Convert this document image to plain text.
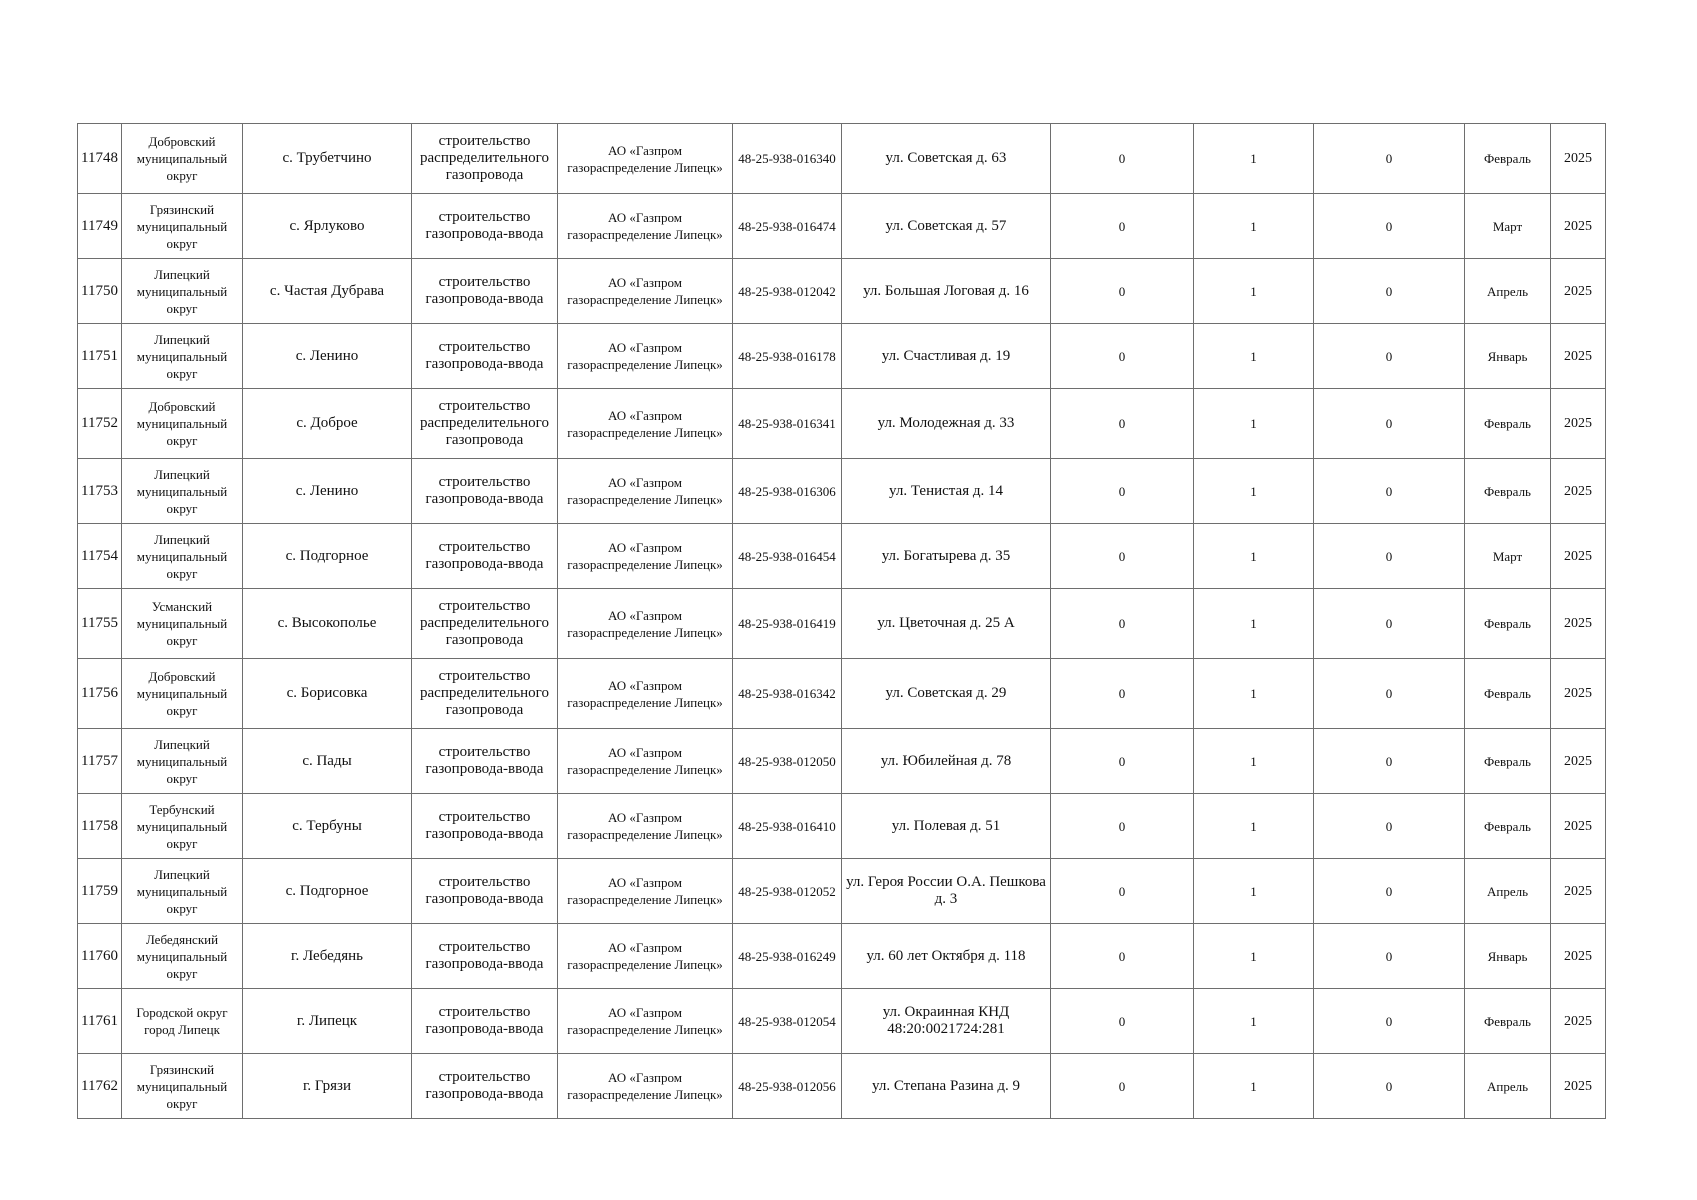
11748	Добровский муниципальный округ	с. Трубетчино	строительство распределительного газопровода	АО «Газпром газораспределение Липецк»	48-25-938-016340	ул. Советская д. 63	0	1	0	Февраль	2025
11749	Грязинский муниципальный округ	с. Ярлуково	строительство газопровода-ввода	АО «Газпром газораспределение Липецк»	48-25-938-016474	ул. Советская д. 57	0	1	0	Март	2025
11750	Липецкий муниципальный округ	с. Частая Дубрава	строительство газопровода-ввода	АО «Газпром газораспределение Липецк»	48-25-938-012042	ул. Большая Логовая д. 16	0	1	0	Апрель	2025
11751	Липецкий муниципальный округ	с. Ленино	строительство газопровода-ввода	АО «Газпром газораспределение Липецк»	48-25-938-016178	ул. Счастливая д. 19	0	1	0	Январь	2025
11752	Добровский муниципальный округ	с. Доброе	строительство распределительного газопровода	АО «Газпром газораспределение Липецк»	48-25-938-016341	ул. Молодежная д. 33	0	1	0	Февраль	2025
11753	Липецкий муниципальный округ	с. Ленино	строительство газопровода-ввода	АО «Газпром газораспределение Липецк»	48-25-938-016306	ул. Тенистая д. 14	0	1	0	Февраль	2025
11754	Липецкий муниципальный округ	с. Подгорное	строительство газопровода-ввода	АО «Газпром газораспределение Липецк»	48-25-938-016454	ул. Богатырева д. 35	0	1	0	Март	2025
11755	Усманский муниципальный округ	с. Высокополье	строительство распределительного газопровода	АО «Газпром газораспределение Липецк»	48-25-938-016419	ул. Цветочная д. 25 А	0	1	0	Февраль	2025
11756	Добровский муниципальный округ	с. Борисовка	строительство распределительного газопровода	АО «Газпром газораспределение Липецк»	48-25-938-016342	ул. Советская д. 29	0	1	0	Февраль	2025
11757	Липецкий муниципальный округ	с. Пады	строительство газопровода-ввода	АО «Газпром газораспределение Липецк»	48-25-938-012050	ул. Юбилейная д. 78	0	1	0	Февраль	2025
11758	Тербунский муниципальный округ	с. Тербуны	строительство газопровода-ввода	АО «Газпром газораспределение Липецк»	48-25-938-016410	ул. Полевая д. 51	0	1	0	Февраль	2025
11759	Липецкий муниципальный округ	с. Подгорное	строительство газопровода-ввода	АО «Газпром газораспределение Липецк»	48-25-938-012052	ул. Героя России О.А. Пешкова д. 3	0	1	0	Апрель	2025
11760	Лебедянский муниципальный округ	г. Лебедянь	строительство газопровода-ввода	АО «Газпром газораспределение Липецк»	48-25-938-016249	ул. 60 лет Октября д. 118	0	1	0	Январь	2025
11761	Городской округ город Липецк	г. Липецк	строительство газопровода-ввода	АО «Газпром газораспределение Липецк»	48-25-938-012054	ул. Окраинная КНД 48:20:0021724:281	0	1	0	Февраль	2025
11762	Грязинский муниципальный округ	г. Грязи	строительство газопровода-ввода	АО «Газпром газораспределение Липецк»	48-25-938-012056	ул. Степана Разина д. 9	0	1	0	Апрель	2025
